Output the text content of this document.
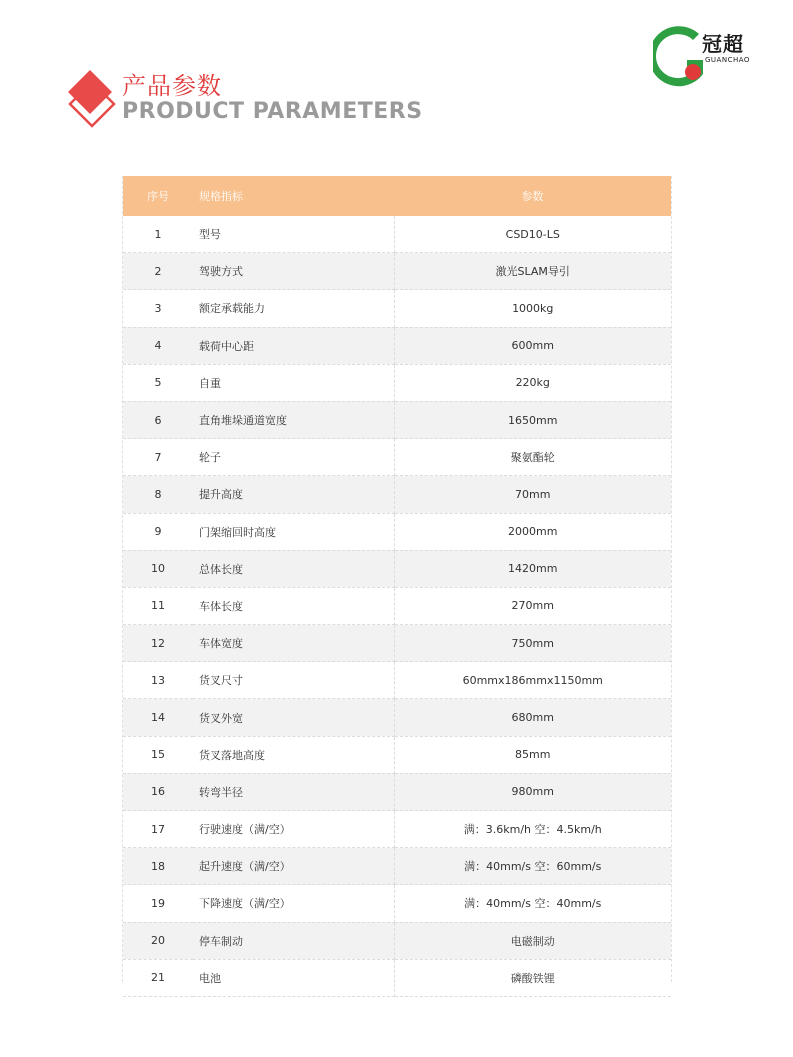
产品参数
PRODUCT PARAMETERS
冠超
GUANCHAO
序号	规格指标	参数
1	型号	CSD10-LS
2	驾驶方式	激光SLAM导引
3	额定承载能力	1000kg
4	载荷中心距	600mm
5	自重	220kg
6	直角堆垛通道宽度	1650mm
7	轮子	聚氨酯轮
8	提升高度	70mm
9	门架缩回时高度	2000mm
10	总体长度	1420mm
11	车体长度	270mm
12	车体宽度	750mm
13	货叉尺寸	60mmx186mmx1150mm
14	货叉外宽	680mm
15	货叉落地高度	85mm
16	转弯半径	980mm
17	行驶速度（满/空）	满：3.6km/h 空：4.5km/h
18	起升速度（满/空）	满：40mm/s 空：60mm/s
19	下降速度（满/空）	满：40mm/s 空：40mm/s
20	停车制动	电磁制动
21	电池	磷酸铁锂
